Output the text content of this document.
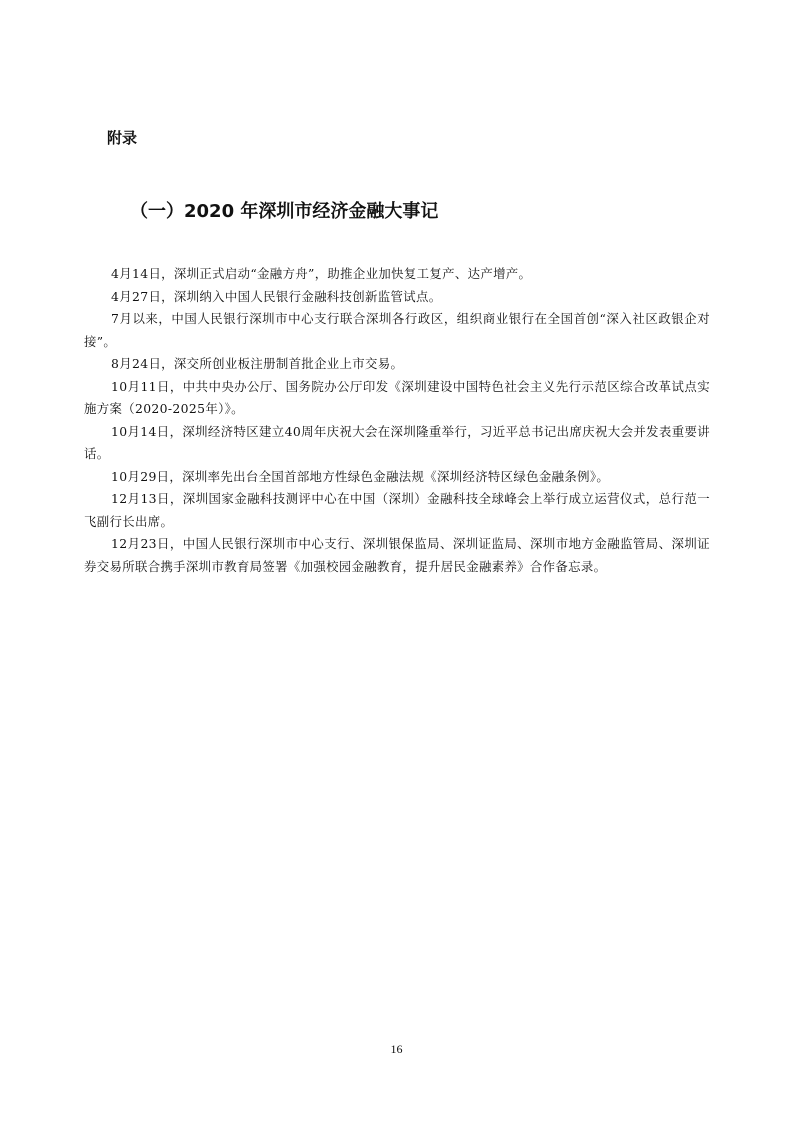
附录
（一）2020 年深圳市经济金融大事记
4月14日，深圳正式启动“金融方舟”，助推企业加快复工复产、达产增产。
4月27日，深圳纳入中国人民银行金融科技创新监管试点。
7月以来，中国人民银行深圳市中心支行联合深圳各行政区，组织商业银行在全国首创“深入社区政银企对接”。
8月24日，深交所创业板注册制首批企业上市交易。
10月11日，中共中央办公厅、国务院办公厅印发《深圳建设中国特色社会主义先行示范区综合改革试点实施方案（2020-2025年）》。
10月14日，深圳经济特区建立40周年庆祝大会在深圳隆重举行，习近平总书记出席庆祝大会并发表重要讲话。
10月29日，深圳率先出台全国首部地方性绿色金融法规《深圳经济特区绿色金融条例》。
12月13日，深圳国家金融科技测评中心在中国（深圳）金融科技全球峰会上举行成立运营仪式，总行范一飞副行长出席。
12月23日，中国人民银行深圳市中心支行、深圳银保监局、深圳证监局、深圳市地方金融监管局、深圳证券交易所联合携手深圳市教育局签署《加强校园金融教育，提升居民金融素养》合作备忘录。
16
